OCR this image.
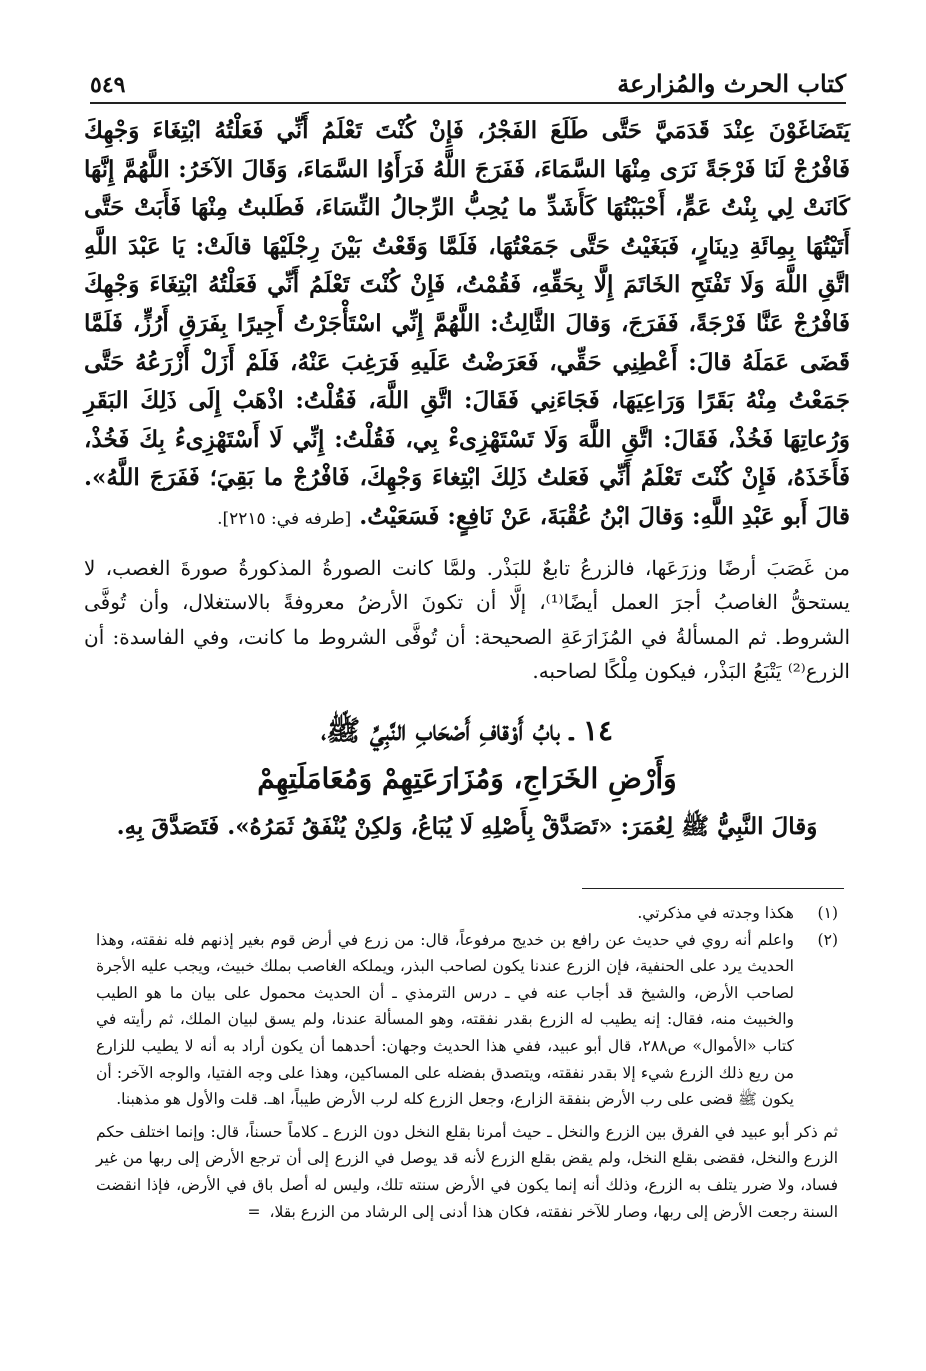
كتاب الحرث والمُزارعة
٥٤٩

يَتَضَاغَوْنَ عِنْدَ قَدَمَيَّ حَتَّى طَلَعَ الفَجْرُ، فَإِنْ كُنْتَ تَعْلَمُ أَنِّي فَعَلْتُهُ ابْتِغَاءَ وَجْهِكَ فَافْرُجْ لَنَا فَرْجَةً نَرَى مِنْهَا السَّمَاءَ، فَفَرَجَ اللَّهُ فَرَأَوُا السَّمَاءَ، وَقَالَ الآخَرُ: اللَّهُمَّ إِنَّهَا كَانَتْ لِي بِنْتُ عَمٍّ، أَحْبَبْتُهَا كَأَشَدِّ ما يُحِبُّ الرِّجالُ النِّسَاءَ، فَطَلبتُ مِنْهَا فَأَبَتْ حَتَّى أَتَيْتُهَا بِمِائَةِ دِينَارٍ، فَبَغَيْتُ حَتَّى جَمَعْتُهَا، فَلَمَّا وَقَعْتُ بَيْنَ رِجْلَيْهَا قالَتْ: يَا عَبْدَ اللَّهِ اتَّقِ اللَّهَ وَلَا تَفْتَحِ الخَاتَمَ إِلَّا بِحَقِّهِ، فَقُمْتُ، فَإِنْ كُنْتَ تَعْلَمُ أَنِّي فَعَلْتُهُ ابْتِغَاءَ وَجْهِكَ فَافْرُجْ عَنَّا فَرْجَةً، فَفَرَجَ، وَقالَ الثَّالِثُ: اللَّهُمَّ إِنِّي اسْتَأْجَرْتُ أَجِيرًا بِفَرَقِ أَرُزٍّ، فَلَمَّا قَضَى عَمَلَهُ قالَ: أَعْطِنِي حَقِّي، فَعَرَضْتُ عَلَيهِ فَرَغِبَ عَنْهُ، فَلَمْ أَزَلْ أَزْرَعُهُ حَتَّى جَمَعْتُ مِنْهُ بَقَرًا وَرَاعِيَهَا، فَجَاءَنِي فَقَالَ: اتَّقِ اللَّهَ، فَقُلْتُ: اذْهَبْ إِلَى ذَلِكَ البَقَرِ وَرُعاتِهَا فَخُذْ، فَقَالَ: اتَّقِ اللَّهَ وَلَا تَسْتَهْزِىءْ بِي، فَقُلْتُ: إِنِّي لَا أَسْتَهْزِىءُ بِكَ فَخُذْ، فَأَخَذَهُ، فَإِنْ كُنْتَ تَعْلَمُ أَنِّي فَعَلتُ ذَلِكَ ابْتِغاءَ وَجْهِكَ، فَافْرُجْ ما بَقِيَ؛ فَفَرَجَ اللَّهُ». قالَ أَبو عَبْدِ اللَّهِ: وَقالَ ابْنُ عُقْبَةَ، عَنْ نَافِعٍ: فَسَعَيْتُ. [طرفه في: ٢٢١٥].

من غَصَبَ أرضًا وزرَعَها، فالزرعُ تابعٌ للبَذْر. ولمَّا كانت الصورةُ المذكورةُ صورةَ الغصب، لا يستحقُّ الغاصبُ أجرَ العمل أيضًا⁽¹⁾، إلَّا أن تكونَ الأرضُ معروفةً بالاستغلال، وأن تُوفَّى الشروط. ثم المسألةُ في المُزَارَعَةِ الصحيحة: أن تُوفَّى الشروط ما كانت، وفي الفاسدة: أن الزرع⁽²⁾ يَتْبَعُ البَذْر، فيكون مِلْكًا لصاحبه.

١٤ ـ بابُ أَوْقافِ أَصْحَابِ النَّبِيِّ ﷺ،
وَأَرْضِ الخَرَاجِ، وَمُزَارَعَتِهِمْ وَمُعَامَلَتِهِمْ
وَقالَ النَّبِيُّ ﷺ لِعُمَرَ: «تَصَدَّقْ بِأَصْلِهِ لَا يُبَاعُ، وَلكِنْ يُنْفَقُ ثَمَرُهُ». فَتَصَدَّقَ بِهِ.
(١)
هكذا وجدته في مذكرتي.
(٢)
واعلم أنه روي في حديث عن رافع بن خديج مرفوعاً، قال: من زرع في أرض قوم بغير إذنهم فله نفقته، وهذا الحديث يرد على الحنفية، فإن الزرع عندنا يكون لصاحب البذر، ويملكه الغاصب بملك خبيث، ويجب عليه الأجرة لصاحب الأرض، والشيخ قد أجاب عنه في ـ درس الترمذي ـ أن الحديث محمول على بيان ما هو الطيب والخبيث منه، فقال: إنه يطيب له الزرع بقدر نفقته، وهو المسألة عندنا، ولم يسق لبيان الملك، ثم رأيته في كتاب «الأموال» ص٢٨٨، قال أبو عبيد، ففي هذا الحديث وجهان: أحدهما أن يكون أراد به أنه لا يطيب للزارع من ريع ذلك الزرع شيء إلا بقدر نفقته، ويتصدق بفضله على المساكين، وهذا على وجه الفتيا، والوجه الآخر: أن يكون ﷺ قضى على رب الأرض بنفقة الزارع، وجعل الزرع كله لرب الأرض طيباً، اهـ. قلت والأول هو مذهبنا.
ثم ذكر أبو عبيد في الفرق بين الزرع والنخل ـ حيث أمرنا بقلع النخل دون الزرع ـ كلاماً حسناً، قال: وإنما اختلف حكم الزرع والنخل، فقضى بقلع النخل، ولم يقض بقلع الزرع لأنه قد يوصل في الزرع إلى أن ترجع الأرض إلى ربها من غير فساد، ولا ضرر يتلف به الزرع، وذلك أنه إنما يكون في الأرض سنته تلك، وليس له أصل باق في الأرض، فإذا انقضت السنة رجعت الأرض إلى ربها، وصار للآخر نفقته، فكان هذا أدنى إلى الرشاد من الزرع بقلا، =
